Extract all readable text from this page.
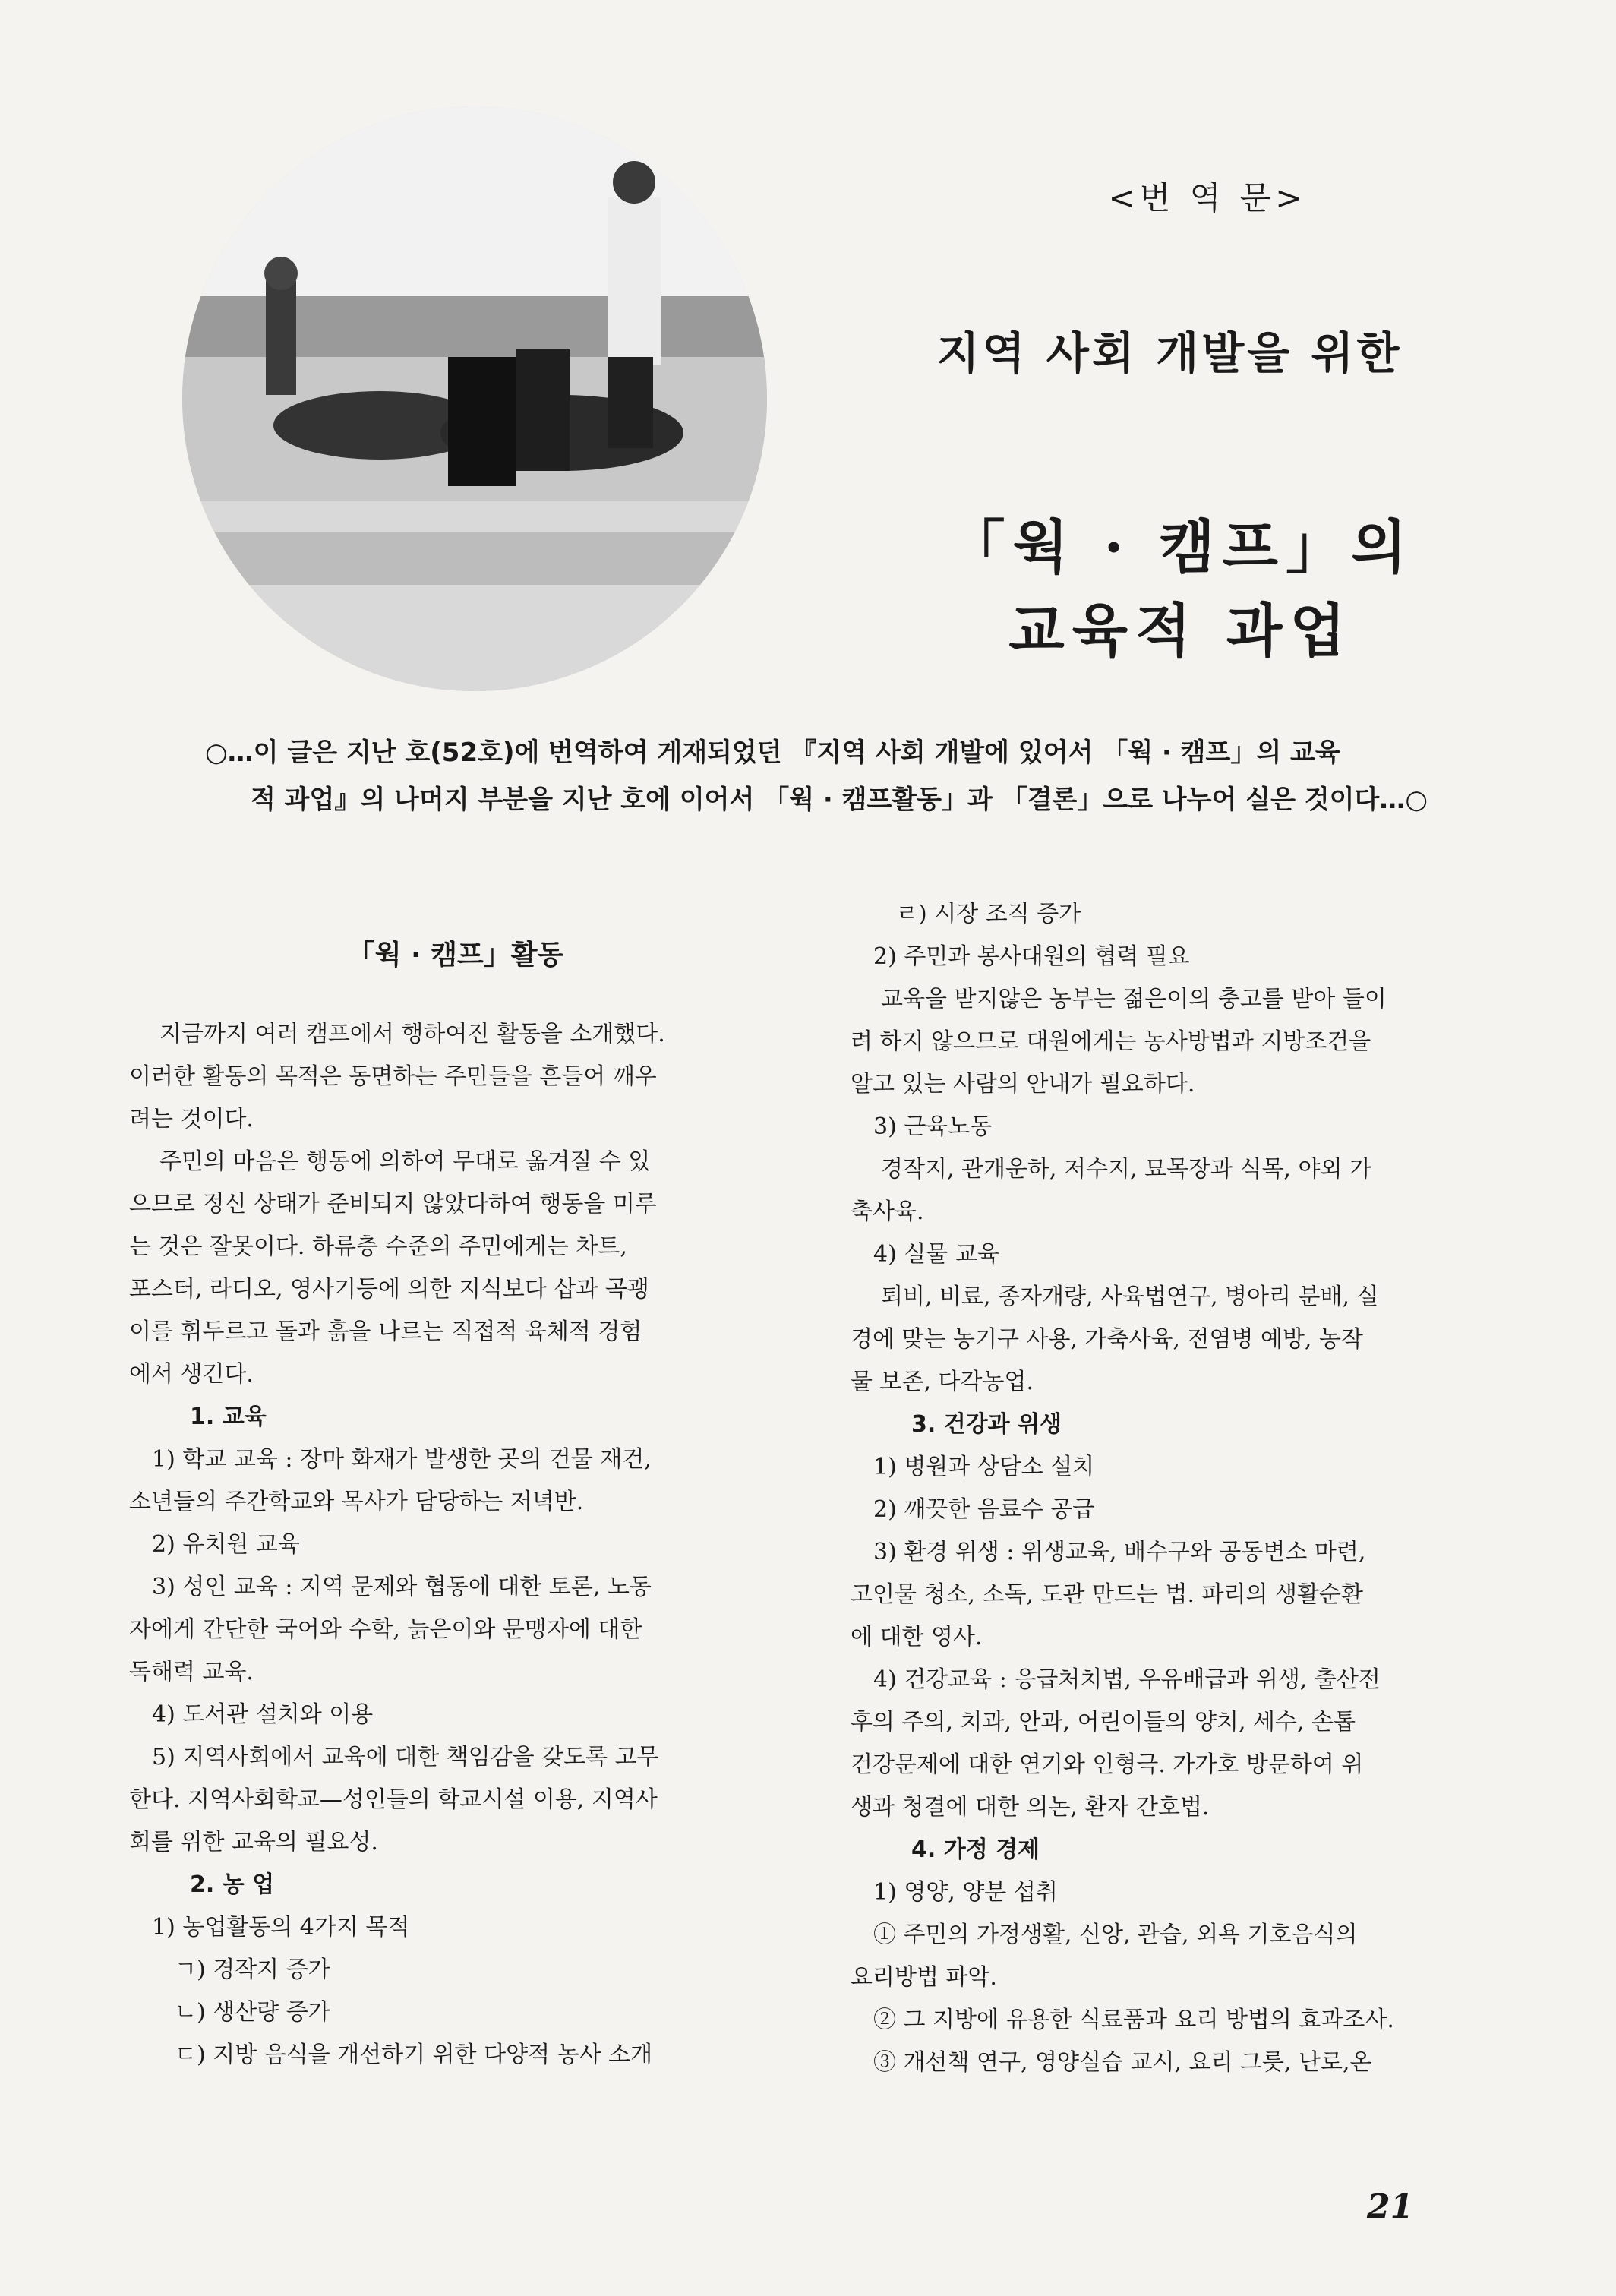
<번 역 문>
지역 사회 개발을 위한
「웍 · 캠프」의
교육적 과업

○…이 글은 지난 호(52호)에 번역하여 게재되었던 『지역 사회 개발에 있어서 「웍 · 캠프」의 교육

적 과업』의 나머지 부분을 지난 호에 이어서 「웍 · 캠프활동」과 「결론」으로 나누어 실은 것이다…○

「웍 · 캠프」활동

지금까지 여러 캠프에서 행하여진 활동을 소개했다.

이러한 활동의 목적은 동면하는 주민들을 흔들어 깨우

려는 것이다.

주민의 마음은 행동에 의하여 무대로 옮겨질 수 있

으므로 정신 상태가 준비되지 않았다하여 행동을 미루

는 것은 잘못이다. 하류층 수준의 주민에게는 차트,

포스터, 라디오, 영사기등에 의한 지식보다 삽과 곡괭

이를 휘두르고 돌과 흙을 나르는 직접적 육체적 경험

에서 생긴다.

1. 교육

1) 학교 교육 : 장마 화재가 발생한 곳의 건물 재건,

소년들의 주간학교와 목사가 담당하는 저녁반.

2) 유치원 교육

3) 성인 교육 : 지역 문제와 협동에 대한 토론, 노동

자에게 간단한 국어와 수학, 늙은이와 문맹자에 대한

독해력 교육.

4) 도서관 설치와 이용

5) 지역사회에서 교육에 대한 책임감을 갖도록 고무

한다. 지역사회학교—성인들의 학교시설 이용, 지역사

회를 위한 교육의 필요성.

2. 농 업

1) 농업활동의 4가지 목적

ㄱ) 경작지 증가

ㄴ) 생산량 증가

ㄷ) 지방 음식을 개선하기 위한 다양적 농사 소개

ㄹ) 시장 조직 증가

2) 주민과 봉사대원의 협력 필요

교육을 받지않은 농부는 젊은이의 충고를 받아 들이

려 하지 않으므로 대원에게는 농사방법과 지방조건을

알고 있는 사람의 안내가 필요하다.

3) 근육노동

경작지, 관개운하, 저수지, 묘목장과 식목, 야외 가

축사육.

4) 실물 교육

퇴비, 비료, 종자개량, 사육법연구, 병아리 분배, 실

경에 맞는 농기구 사용, 가축사육, 전염병 예방, 농작

물 보존, 다각농업.

3. 건강과 위생

1) 병원과 상담소 설치

2) 깨끗한 음료수 공급

3) 환경 위생 : 위생교육, 배수구와 공동변소 마련,

고인물 청소, 소독, 도관 만드는 법. 파리의 생활순환

에 대한 영사.

4) 건강교육 : 응급처치법, 우유배급과 위생, 출산전

후의 주의, 치과, 안과, 어린이들의 양치, 세수, 손톱

건강문제에 대한 연기와 인형극. 가가호 방문하여 위

생과 청결에 대한 의논, 환자 간호법.

4. 가정 경제

1) 영양, 양분 섭취

① 주민의 가정생활, 신앙, 관습, 외욕 기호음식의

요리방법 파악.

② 그 지방에 유용한 식료품과 요리 방법의 효과조사.

③ 개선책 연구, 영양실습 교시, 요리 그릇, 난로,온

21
